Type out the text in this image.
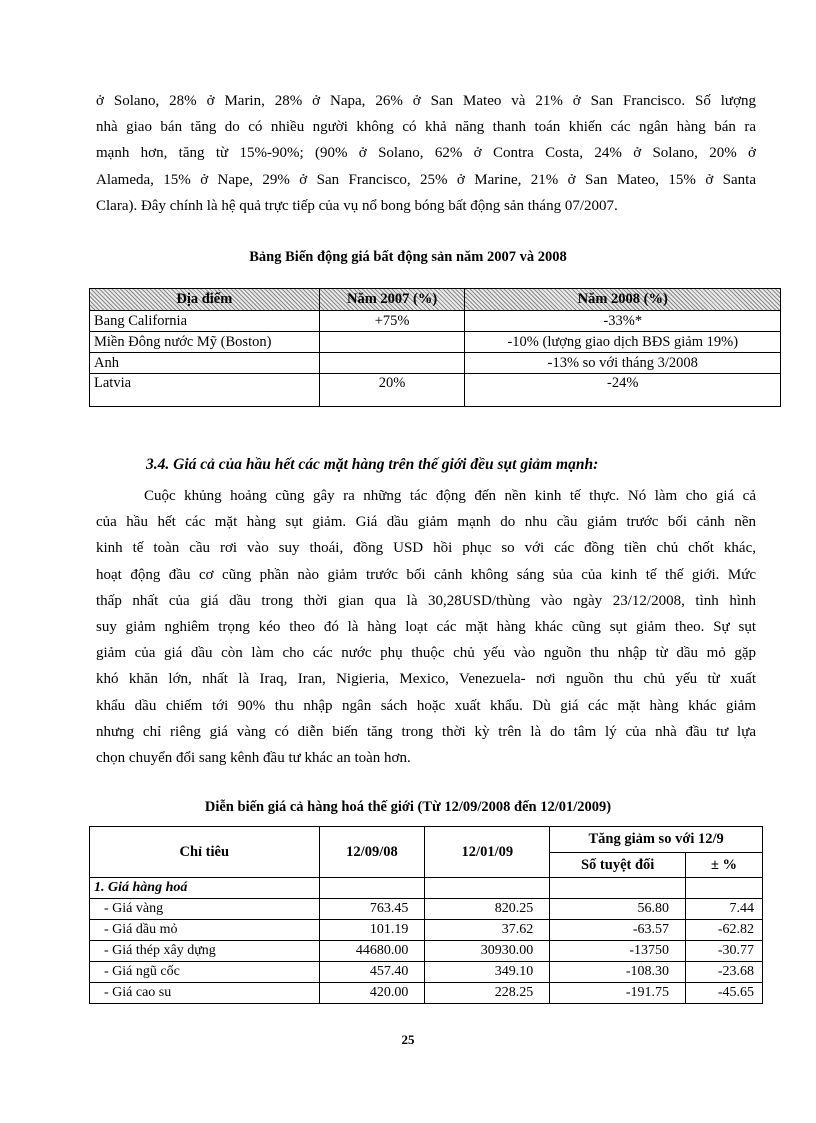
ở Solano, 28% ở Marin, 28% ở Napa, 26% ở San Mateo và 21% ở San Francisco. Số lượng
nhà giao bán tăng do có nhiều người không có khả năng thanh toán khiến các ngân hàng bán ra
mạnh hơn, tăng từ 15%-90%; (90% ở Solano, 62% ở Contra Costa, 24% ở Solano, 20% ở
Alameda, 15% ở Nape, 29% ở San Francisco, 25% ở Marine, 21% ở San Mateo, 15% ở Santa
Clara). Đây chính là hệ quả trực tiếp của vụ nổ bong bóng bất động sản tháng 07/2007.
Bảng Biến động giá bất động sản năm 2007 và 2008
Địa điểm	Năm 2007 (%)	Năm 2008 (%)
Bang California	+75%	-33%*
Miền Đông nước Mỹ (Boston)		-10% (lượng giao dịch BĐS giảm 19%)
Anh		-13% so với tháng 3/2008
Latvia	20%	-24%
3.4. Giá cả của hầu hết các mặt hàng trên thế giới đều sụt giảm mạnh:
Cuộc khủng hoảng cũng gây ra những tác động đến nền kinh tế thực. Nó làm cho giá cả
của hầu hết các mặt hàng sụt giảm. Giá dầu giảm mạnh do nhu cầu giảm trước bối cảnh nền
kinh tế toàn cầu rơi vào suy thoái, đồng USD hồi phục so với các đồng tiền chủ chốt khác,
hoạt động đầu cơ cũng phần nào giảm trước bối cảnh không sáng sủa của kinh tế thế giới. Mức
thấp nhất của giá dầu trong thời gian qua là 30,28USD/thùng vào ngày 23/12/2008, tình hình
suy giảm nghiêm trọng kéo theo đó là hàng loạt các mặt hàng khác cũng sụt giảm theo. Sự sụt
giảm của giá dầu còn làm cho các nước phụ thuộc chủ yếu vào nguồn thu nhập từ dầu mỏ gặp
khó khăn lớn, nhất là Iraq, Iran, Nigieria, Mexico, Venezuela- nơi nguồn thu chủ yếu từ xuất
khẩu dầu chiếm tới 90% thu nhập ngân sách hoặc xuất khẩu. Dù giá các mặt hàng khác giảm
nhưng chỉ riêng giá vàng có diễn biến tăng trong thời kỳ trên là do tâm lý của nhà đầu tư lựa
chọn chuyển đổi sang kênh đầu tư khác an toàn hơn.
Diễn biến giá cả hàng hoá thế giới (Từ 12/09/2008 đến 12/01/2009)
Chỉ tiêu	12/09/08	12/01/09	Tăng giảm so với 12/9	
			Số tuyệt đối	± %
1. Giá hàng hoá				
- Giá vàng	763.45	820.25	56.80	7.44
- Giá dầu mỏ	101.19	37.62	-63.57	-62.82
- Giá thép xây dựng	44680.00	30930.00	-13750	-30.77
- Giá ngũ cốc	457.40	349.10	-108.30	-23.68
- Giá cao su	420.00	228.25	-191.75	-45.65
25
